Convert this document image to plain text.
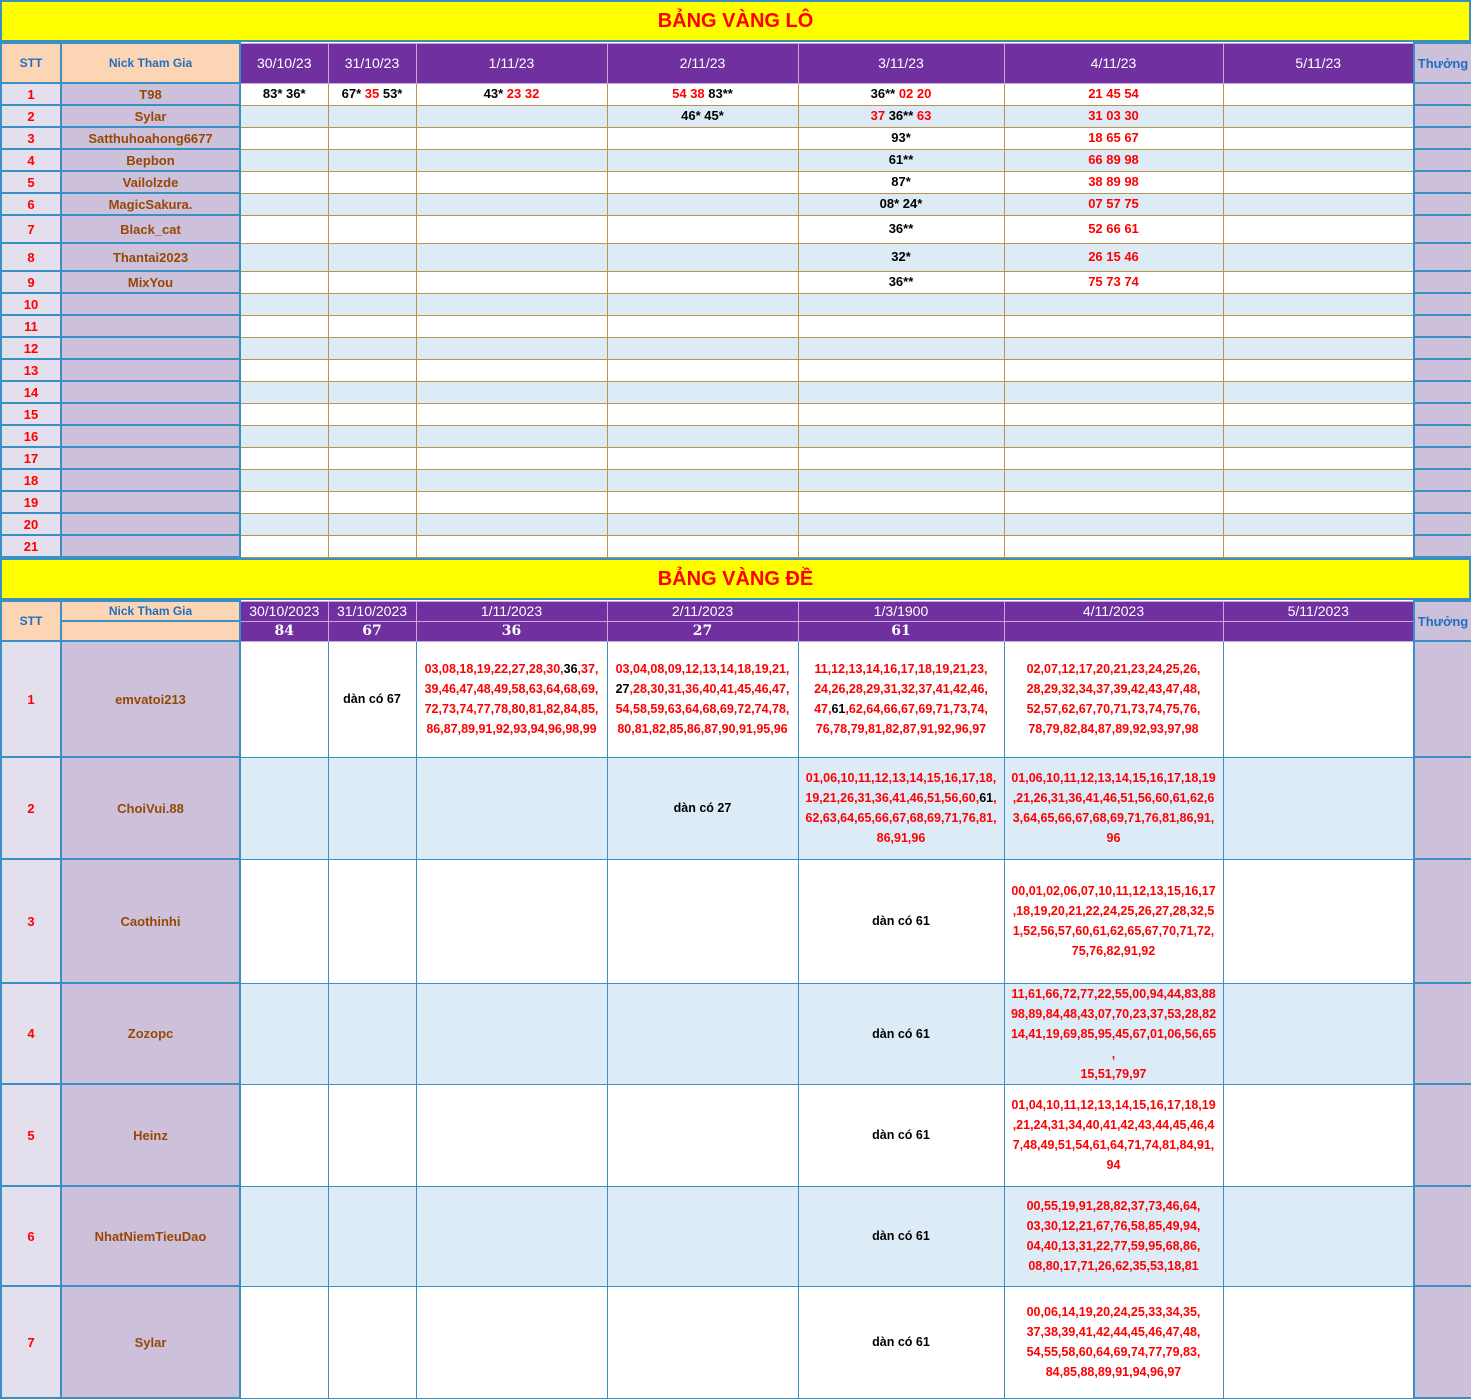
BẢNG VÀNG LÔ
STT	Nick Tham Gia	30/10/23	31/10/23	1/11/23	2/11/23	3/11/23	4/11/23	5/11/23	Thưởng
1	T98	83* 36*	67* 35 53*	43* 23 32	54 38 83**	36** 02 20	21 45 54		
2	Sylar				46* 45*	37 36** 63	31 03 30		
3	Satthuhoahong6677					93*	18 65 67		
4	Bepbon					61**	66 89 98		
5	Vailolzde					87*	38 89 98		
6	MagicSakura.					08* 24*	07 57 75		
7	Black_cat					36**	52 66 61		
8	Thantai2023					32*	26 15 46		
9	MixYou					36**	75 73 74		
10									
11									
12									
13									
14									
15									
16									
17									
18									
19									
20									
21									
BẢNG VÀNG ĐỀ
STT	Nick Tham Gia	30/10/2023	31/10/2023	1/11/2023	2/11/2023	1/3/1900	4/11/2023	5/11/2023	Thưởng
		84	67	36	27	61			
1	emvatoi213		dàn có 67	03,08,18,19,22,27,28,30,36,37,
39,46,47,48,49,58,63,64,68,69,
72,73,74,77,78,80,81,82,84,85,
86,87,89,91,92,93,94,96,98,99	03,04,08,09,12,13,14,18,19,21,
27,28,30,31,36,40,41,45,46,47,
54,58,59,63,64,68,69,72,74,78,
80,81,82,85,86,87,90,91,95,96	11,12,13,14,16,17,18,19,21,23,
24,26,28,29,31,32,37,41,42,46,
47,61,62,64,66,67,69,71,73,74,
76,78,79,81,82,87,91,92,96,97	02,07,12,17,20,21,23,24,25,26,
28,29,32,34,37,39,42,43,47,48,
52,57,62,67,70,71,73,74,75,76,
78,79,82,84,87,89,92,93,97,98		
2	ChoiVui.88				dàn có 27	01,06,10,11,12,13,14,15,16,17,18,
19,21,26,31,36,41,46,51,56,60,61,
62,63,64,65,66,67,68,69,71,76,81,
86,91,96	01,06,10,11,12,13,14,15,16,17,18,19
,21,26,31,36,41,46,51,56,60,61,62,6
3,64,65,66,67,68,69,71,76,81,86,91,
96		
3	Caothinhi					dàn có 61	00,01,02,06,07,10,11,12,13,15,16,17
,18,19,20,21,22,24,25,26,27,28,32,5
1,52,56,57,60,61,62,65,67,70,71,72,
75,76,82,91,92		
4	Zozopc					dàn có 61	11,61,66,72,77,22,55,00,94,44,83,88
98,89,84,48,43,07,70,23,37,53,28,82
14,41,19,69,85,95,45,67,01,06,56,65
,
15,51,79,97		
5	Heinz					dàn có 61	01,04,10,11,12,13,14,15,16,17,18,19
,21,24,31,34,40,41,42,43,44,45,46,4
7,48,49,51,54,61,64,71,74,81,84,91,
94		
6	NhatNiemTieuDao					dàn có 61	00,55,19,91,28,82,37,73,46,64,
03,30,12,21,67,76,58,85,49,94,
04,40,13,31,22,77,59,95,68,86,
08,80,17,71,26,62,35,53,18,81		
7	Sylar					dàn có 61	00,06,14,19,20,24,25,33,34,35,
37,38,39,41,42,44,45,46,47,48,
54,55,58,60,64,69,74,77,79,83,
84,85,88,89,91,94,96,97		
